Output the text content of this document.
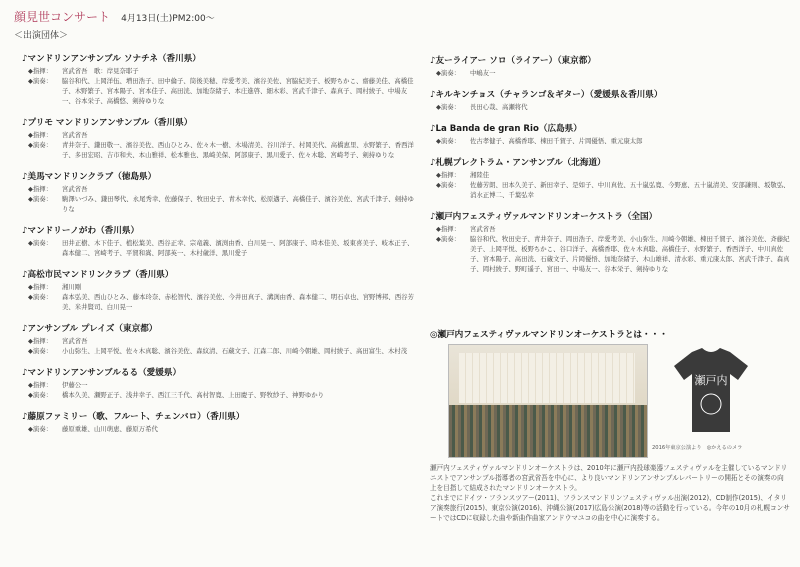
顔見世コンサート 4月13日(土)PM2:00～
＜出演団体＞
♪マンドリンアンサンブル ソナチネ（香川県）
◆指揮：	宮武省吾　歌：岸見奈耶子
◆演奏：	脇谷和代、上岡洋伍、増田浩子、田中倫子、筒後美穂、岸愛考美、濱谷美佐、宮脇紀美子、板野ちかこ、齋藤美佳、高橋佳子、木野繁子、宮本陽子、宮本佳子、高田洸、加地奈緒子、本庄進啓、細木彩、宮武千津子、森真子、岡村綾子、中場友一、谷本栄子、高橋悠、剣持ゆりな
♪プリモ マンドリンアンサンブル（香川県）
◆指揮：	宮武省吾
◆演奏：	青井奈子、鎌田敬一、濱谷美佐、西山ひとみ、佐々木一樹、木場清美、谷川洋子、村岡美代、高橋恵里、水野繁子、香西洋子、多田宏昭、吉市和夫、本山雅祥、松本雅也、黒崎美保、阿部康子、黒川愛子、佐々木聡、宮崎考子、剣持ゆりな
♪美馬マンドリンクラブ（徳島県）
◆指揮：	宮武省吾
◆演奏：	駒澤いづみ、鎌田琴代、永尾秀幸、佐藤保子、牧田史子、青木幸代、松原邁子、高橋佳子、濱谷美佐、宮武千津子、剣持ゆりな
♪マンドリーノがわ（香川県）
◆演奏：	田井正樹、木下佳子、植松葉美、西谷正幸、宗竜義、濱渕由香、白川晃一、阿部康子、時本佳美、坂東喜美子、岐本正子、森本健二、宮崎考子、平賀和嵩、阿部英一、木村歳洋、黒川愛子
♪高松市民マンドリンクラブ（香川県）
◆指揮：	湘川剛
◆演奏：	森本弘美、西山ひとみ、藤本玲奈、赤松智代、濱谷美佐、今井田真子、溝渕由香、森本健二、明石卓也、宮野博邦、西谷芳美、米井賢司、白川晃一
♪アンサンブル プレイズ（東京都）
◆指揮：	宮武省吾
◆演奏：	小山弥生、上岡平悦、佐々木真聡、濱谷美佐、森紋清、石蔵文子、江森二郎、川崎今朝雄、岡村綾子、高田富生、木村茂
♪マンドリンアンサンブルるる（愛媛県）
◆指揮：	伊藤公一
◆演奏：	橋本久美、瀬野正子、浅井幸子、西江三千代、高村智寛、上田慶子、野牧紗子、神野ゆかり
♪藤原ファミリー（歌、フルート、チェンバロ）（香川県）
◆演奏：	藤原重雄、山川萌恵、藤原万希代
♪友ーライアー ソロ（ライアー）（東京都）
◆演奏：	中嶋友一
♪キルキンチョス（チャランゴ＆ギター）（愛媛県＆香川県）
◆演奏：	長田心哉、高瀬将代
♪La Banda de gran Rio（広島県）
◆演奏：	佐古孝健子、高橋香耶、棟田千賀子、片岡優悟、重元康太郎
♪札幌プレクトラム・アンサンブル（北海道）
◆指揮：	湘陸佳
◆演奏：	佐藤芳朗、田本久美子、新田幸子、是如子、中川真佐、五十嵐弘寛、今野恵、五十嵐清美、安部謙則、坂敬弘、消水正博二、千葉弘幸
♪瀬戸内フェスティヴァルマンドリンオーケストラ（全国）
◆指揮：	宮武省吾
◆演奏：	脇谷和代、牧田史子、青井奈子、岡田浩子、岸愛考美、小山弥生、川崎今朝雄、棟田千賀子、濱谷美佐、斉藤紀美子、上岡平悦、板野ちかこ、谷口洋子、高橋香耶、佐々木真聡、高橋佳子、水野繁子、香西洋子、中川真佐子、宮本陽子、高田洸、石蔵文子、片岡優悟、加地奈緒子、木山雄祥、清水彩、重元康太郎、宮武千津子、森真子、岡村綾子、野町遥子、宮田一、中場友一、谷本栄子、剣持ゆりな
◎瀬戸内フェスティヴァルマンドリンオーケストラとは・・・
瀬戸内
2016年東京公演より　◎かえるのメラ

瀬戸内フェスティヴァルマンドリンオーケストラは、2010年に瀬戸内投球楽器フェスティヴァルを主催しているマンドリニストでアンサンブル指導者の宮武省吾を中心に、より良いマンドリンアンサンブルレパートリーの開拓とその演奏の向上を目指して結成されたマンドリンオーケストラ。

これまでにドイツ・フランスツアー(2011)、フランスマンドリンフェスティヴァル出演(2012)、CD制作(2015)、イタリア演奏旅行(2015)、東京公演(2016)、沖縄公演(2017)広島公演(2018)等の活動を行っている。今年の10月の札幌コンサートではCDに収録した曲や新曲作曲家アンドウマユコの曲を中心に演奏する。
